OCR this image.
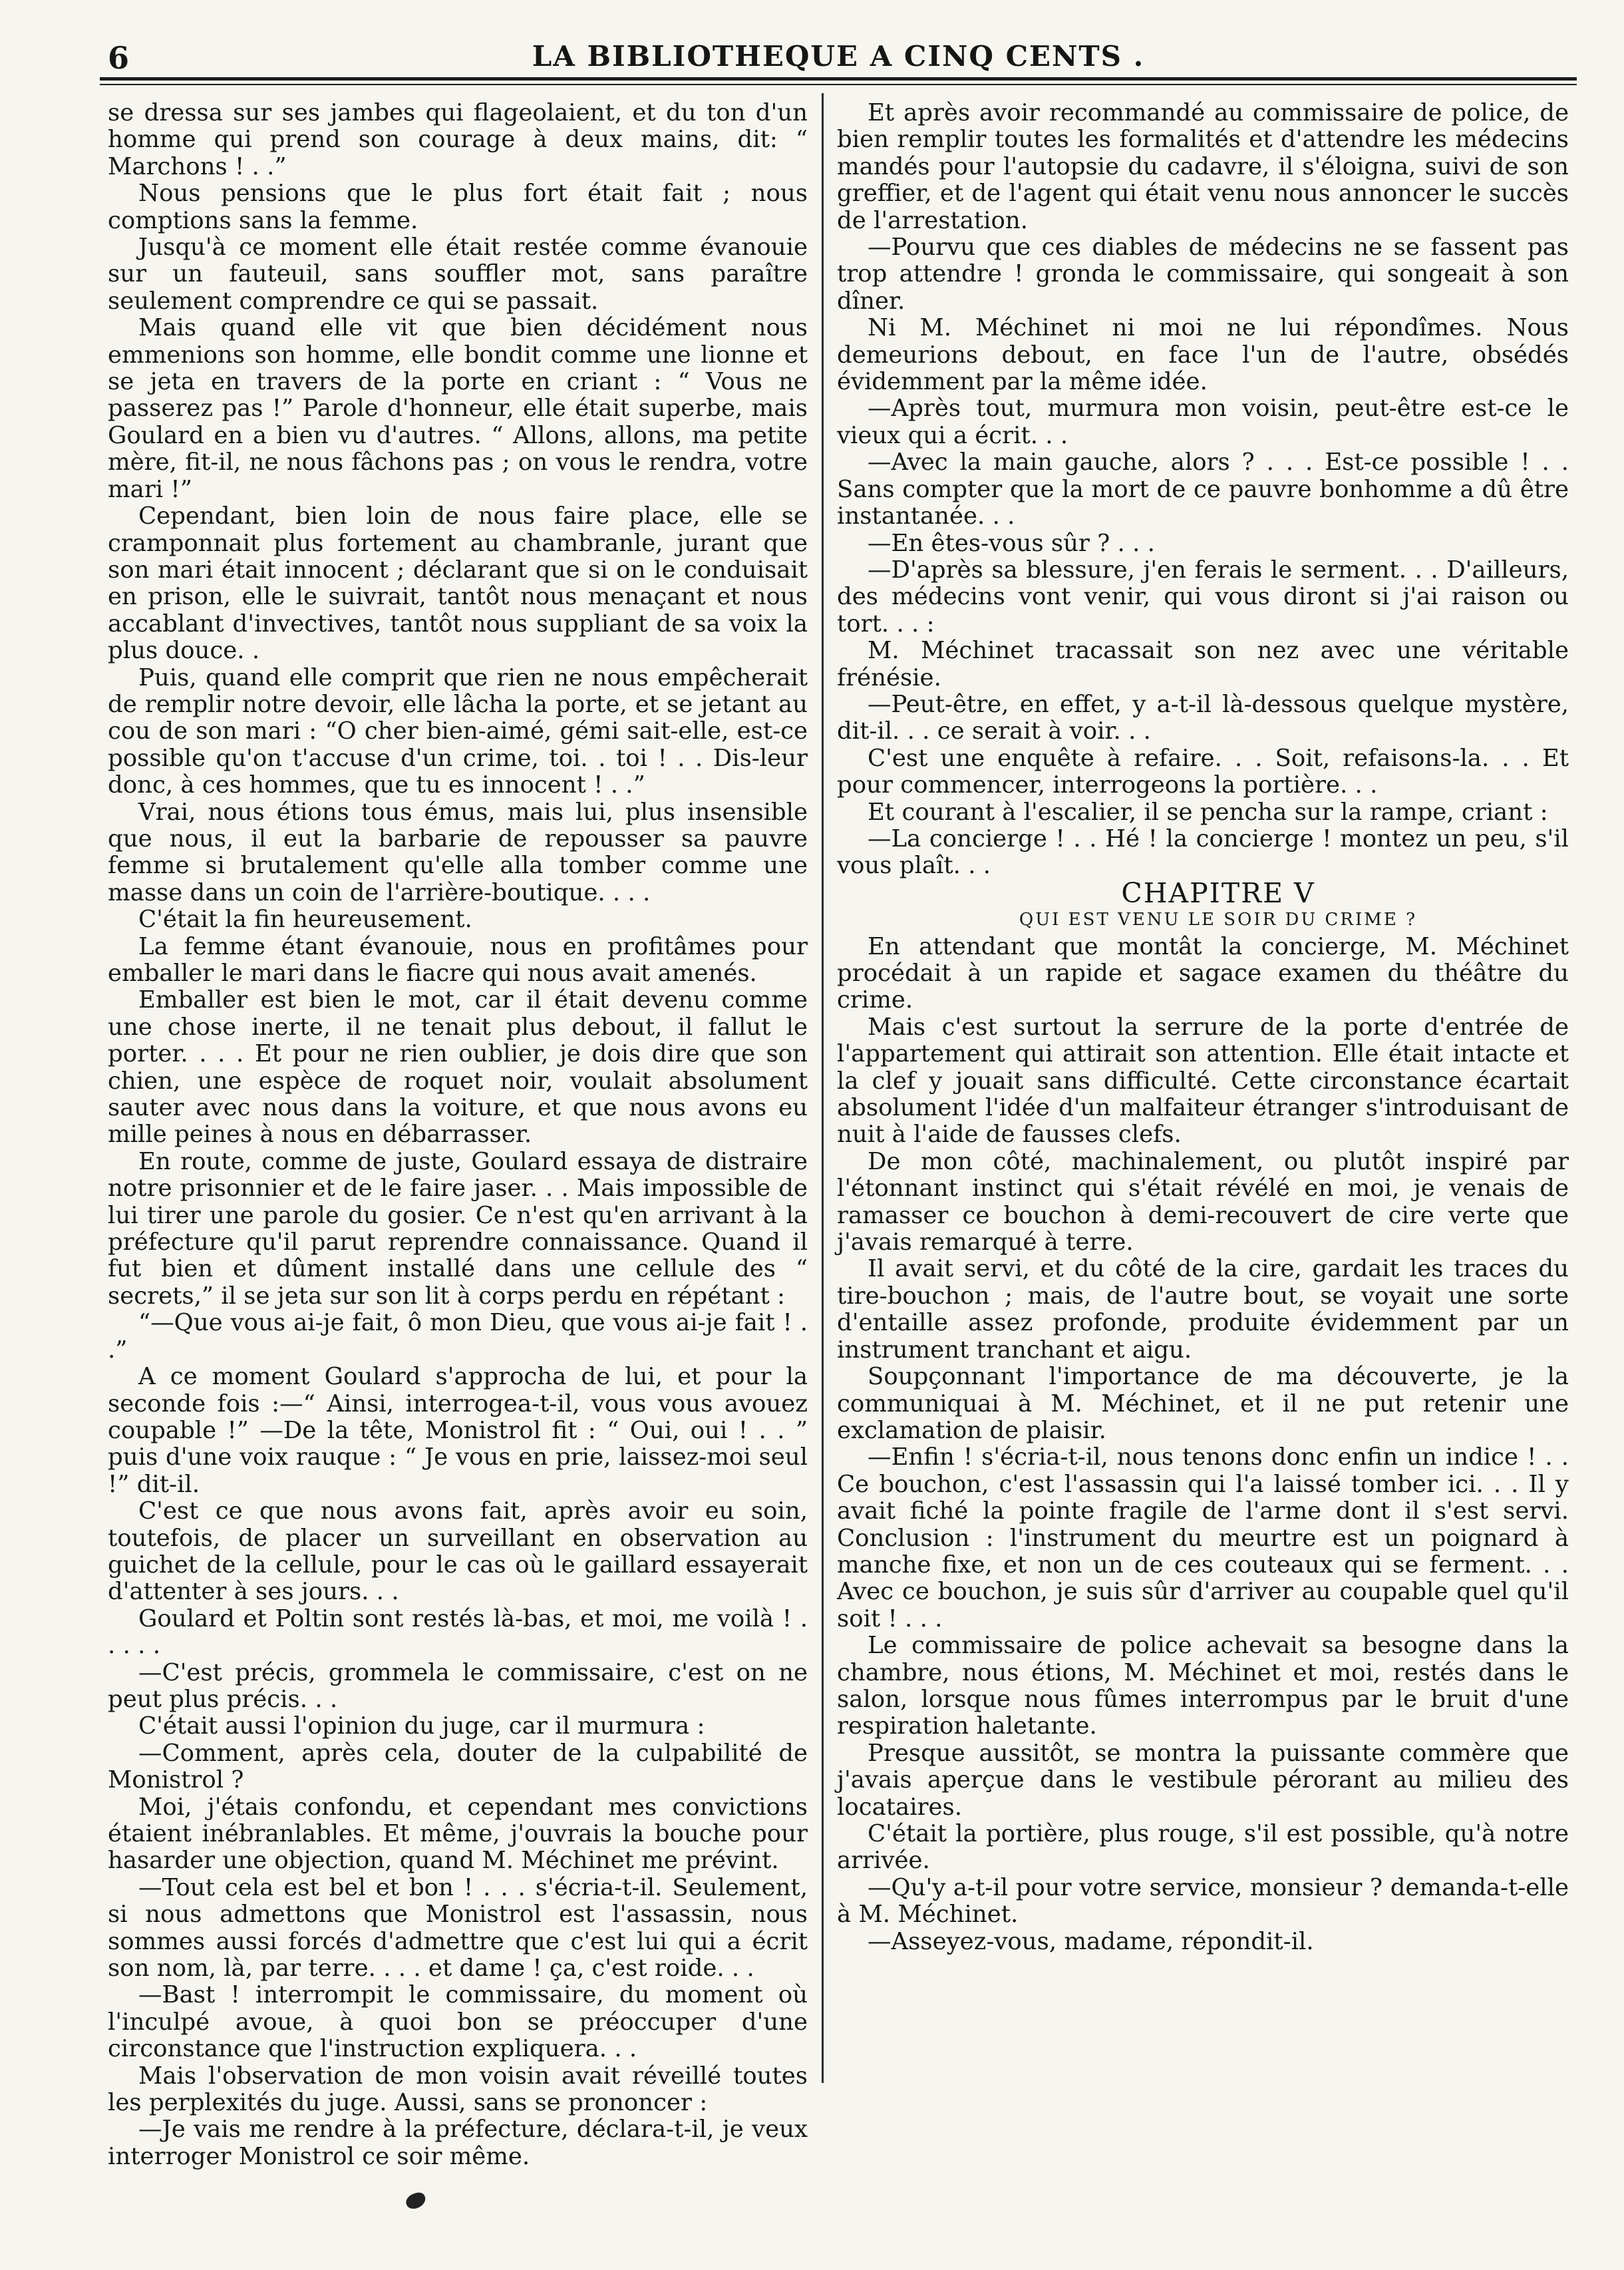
6	LA BIBLIOTHEQUE A CINQ CENTS .

se dressa sur ses jambes qui flageolaient, et du ton d'un homme qui prend son courage à deux mains, dit: “ Marchons ! . .”

Nous pensions que le plus fort était fait ; nous comptions sans la femme.

Jusqu'à ce moment elle était restée comme évanouie sur un fauteuil, sans souffler mot, sans paraître seulement comprendre ce qui se passait.

Mais quand elle vit que bien décidément nous emmenions son homme, elle bondit comme une lionne et se jeta en travers de la porte en criant : “ Vous ne passerez pas !” Parole d'honneur, elle était superbe, mais Goulard en a bien vu d'autres. “ Allons, allons, ma petite mère, fit-il, ne nous fâchons pas ; on vous le rendra, votre mari !”

Cependant, bien loin de nous faire place, elle se cramponnait plus fortement au chambranle, jurant que son mari était innocent ; déclarant que si on le conduisait en prison, elle le suivrait, tantôt nous menaçant et nous accablant d'invectives, tantôt nous suppliant de sa voix la plus douce. .

Puis, quand elle comprit que rien ne nous empêcherait de remplir notre devoir, elle lâcha la porte, et se jetant au cou de son mari : “O cher bien-aimé, gémi sait-elle, est-ce possible qu'on t'accuse d'un crime, toi. . toi ! . . Dis-leur donc, à ces hommes, que tu es innocent ! . .”

Vrai, nous étions tous émus, mais lui, plus insensible que nous, il eut la barbarie de repousser sa pauvre femme si brutalement qu'elle alla tomber comme une masse dans un coin de l'arrière-boutique. . . .

C'était la fin heureusement.

La femme étant évanouie, nous en profitâmes pour emballer le mari dans le fiacre qui nous avait amenés.

Emballer est bien le mot, car il était devenu comme une chose inerte, il ne tenait plus debout, il fallut le porter. . . . Et pour ne rien oublier, je dois dire que son chien, une espèce de roquet noir, voulait absolument sauter avec nous dans la voiture, et que nous avons eu mille peines à nous en débarrasser.

En route, comme de juste, Goulard essaya de distraire notre prisonnier et de le faire jaser. . . Mais impossible de lui tirer une parole du gosier. Ce n'est qu'en arrivant à la préfecture qu'il parut reprendre connaissance. Quand il fut bien et dûment installé dans une cellule des “ secrets,” il se jeta sur son lit à corps perdu en répétant :

“—Que vous ai-je fait, ô mon Dieu, que vous ai-je fait ! . .”

A ce moment Goulard s'approcha de lui, et pour la seconde fois :—“ Ainsi, interrogea-t-il, vous vous avouez coupable !” —De la tête, Monistrol fit : “ Oui, oui ! . . ” puis d'une voix rauque : “ Je vous en prie, laissez-moi seul !” dit-il.

C'est ce que nous avons fait, après avoir eu soin, toutefois, de placer un surveillant en observation au guichet de la cellule, pour le cas où le gaillard essayerait d'attenter à ses jours. . .

Goulard et Poltin sont restés là-bas, et moi, me voilà ! . . . . .

—C'est précis, grommela le commissaire, c'est on ne peut plus précis. . .

C'était aussi l'opinion du juge, car il murmura :

—Comment, après cela, douter de la culpabilité de Monistrol ?

Moi, j'étais confondu, et cependant mes convictions étaient inébranlables. Et même, j'ouvrais la bouche pour hasarder une objection, quand M. Méchinet me prévint.

—Tout cela est bel et bon ! . . . s'écria-t-il. Seulement, si nous admettons que Monistrol est l'assassin, nous sommes aussi forcés d'admettre que c'est lui qui a écrit son nom, là, par terre. . . . et dame ! ça, c'est roide. . .

—Bast ! interrompit le commissaire, du moment où l'inculpé avoue, à quoi bon se préoccuper d'une circonstance que l'instruction expliquera. . .

Mais l'observation de mon voisin avait réveillé toutes les perplexités du juge. Aussi, sans se prononcer :

—Je vais me rendre à la préfecture, déclara-t-il, je veux interroger Monistrol ce soir même.

Et après avoir recommandé au commissaire de police, de bien remplir toutes les formalités et d'attendre les médecins mandés pour l'autopsie du cadavre, il s'éloigna, suivi de son greffier, et de l'agent qui était venu nous annoncer le succès de l'arrestation.

—Pourvu que ces diables de médecins ne se fassent pas trop attendre ! gronda le commissaire, qui songeait à son dîner.

Ni M. Méchinet ni moi ne lui répondîmes. Nous demeurions debout, en face l'un de l'autre, obsédés évidemment par la même idée.

—Après tout, murmura mon voisin, peut-être est-ce le vieux qui a écrit. . .

—Avec la main gauche, alors ? . . . Est-ce possible ! . . Sans compter que la mort de ce pauvre bonhomme a dû être instantanée. . .

—En êtes-vous sûr ? . . .

—D'après sa blessure, j'en ferais le serment. . . D'ailleurs, des médecins vont venir, qui vous diront si j'ai raison ou tort. . . :

M. Méchinet tracassait son nez avec une véritable frénésie.

—Peut-être, en effet, y a-t-il là-dessous quelque mystère, dit-il. . . ce serait à voir. . .

C'est une enquête à refaire. . . Soit, refaisons-la. . . Et pour commencer, interrogeons la portière. . .

Et courant à l'escalier, il se pencha sur la rampe, criant :

—La concierge ! . . Hé ! la concierge ! montez un peu, s'il vous plaît. . .

CHAPITRE V

QUI EST VENU LE SOIR DU CRIME ?

En attendant que montât la concierge, M. Méchinet procédait à un rapide et sagace examen du théâtre du crime.

Mais c'est surtout la serrure de la porte d'entrée de l'appartement qui attirait son attention. Elle était intacte et la clef y jouait sans difficulté. Cette circonstance écartait absolument l'idée d'un malfaiteur étranger s'introduisant de nuit à l'aide de fausses clefs.

De mon côté, machinalement, ou plutôt inspiré par l'étonnant instinct qui s'était révélé en moi, je venais de ramasser ce bouchon à demi-recouvert de cire verte que j'avais remarqué à terre.

Il avait servi, et du côté de la cire, gardait les traces du tire-bouchon ; mais, de l'autre bout, se voyait une sorte d'entaille assez profonde, produite évidemment par un instrument tranchant et aigu.

Soupçonnant l'importance de ma découverte, je la communiquai à M. Méchinet, et il ne put retenir une exclamation de plaisir.

—Enfin ! s'écria-t-il, nous tenons donc enfin un indice ! . . Ce bouchon, c'est l'assassin qui l'a laissé tomber ici. . . Il y avait fiché la pointe fragile de l'arme dont il s'est servi. Conclusion : l'instrument du meurtre est un poignard à manche fixe, et non un de ces couteaux qui se ferment. . . Avec ce bouchon, je suis sûr d'arriver au coupable quel qu'il soit ! . . .

Le commissaire de police achevait sa besogne dans la chambre, nous étions, M. Méchinet et moi, restés dans le salon, lorsque nous fûmes interrompus par le bruit d'une respiration haletante.

Presque aussitôt, se montra la puissante commère que j'avais aperçue dans le vestibule pérorant au milieu des locataires.

C'était la portière, plus rouge, s'il est possible, qu'à notre arrivée.

—Qu'y a-t-il pour votre service, monsieur ? demanda-t-elle à M. Méchinet.

—Asseyez-vous, madame, répondit-il.
